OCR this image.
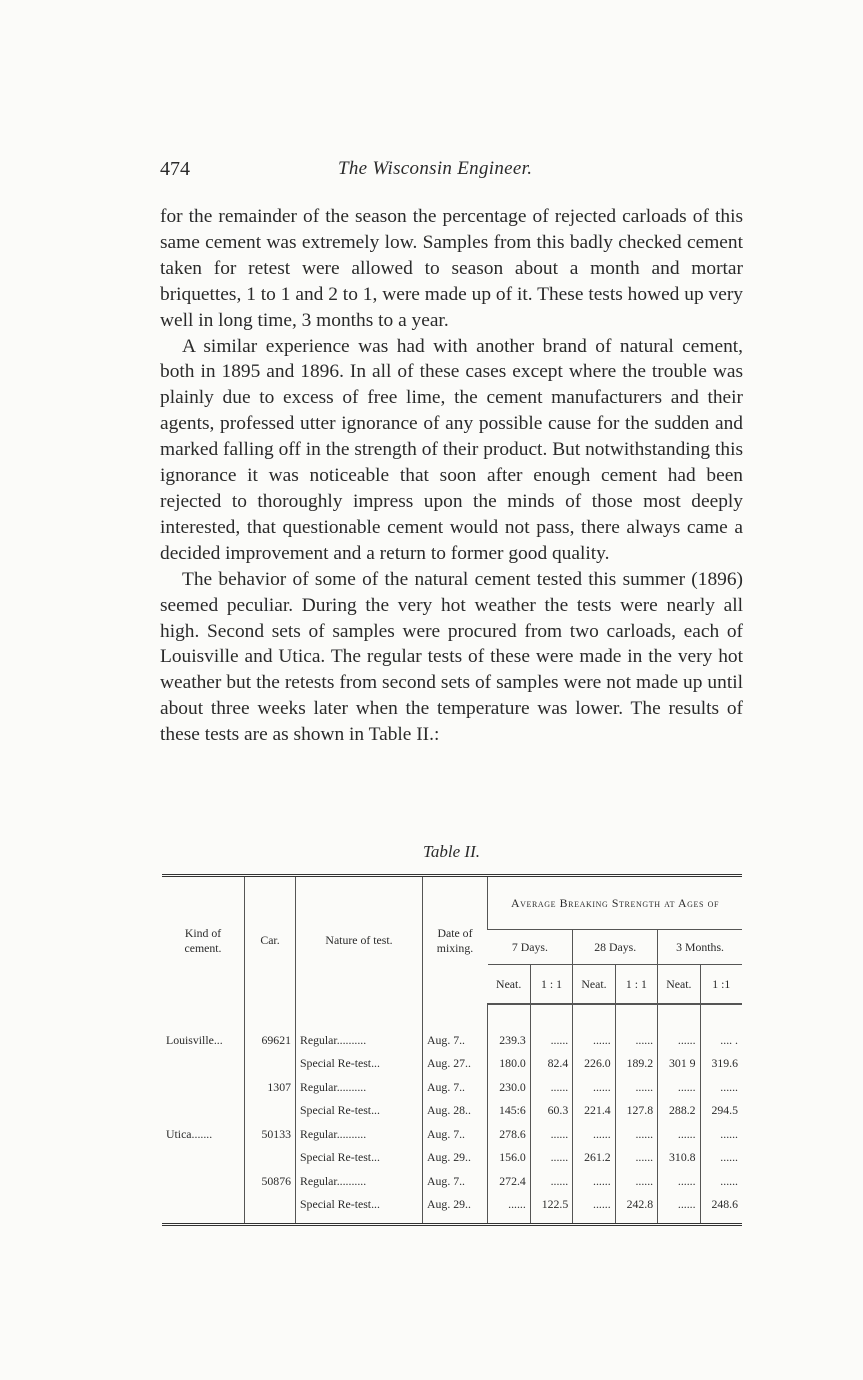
474	The Wisconsin Engineer.

for the remainder of the season the percentage of rejected carloads of this same cement was extremely low. Samples from this badly checked cement taken for retest were allowed to season about a month and mortar briquettes, 1 to 1 and 2 to 1, were made up of it. These tests howed up very well in long time, 3 months to a year.

A similar experience was had with another brand of natural cement, both in 1895 and 1896. In all of these cases except where the trouble was plainly due to excess of free lime, the cement manufacturers and their agents, professed utter ignorance of any possible cause for the sudden and marked falling off in the strength of their product. But notwithstanding this ignorance it was noticeable that soon after enough cement had been rejected to thoroughly impress upon the minds of those most deeply interested, that questionable cement would not pass, there always came a decided improvement and a return to former good quality.

The behavior of some of the natural cement tested this summer (1896) seemed peculiar. During the very hot weather the tests were nearly all high. Second sets of samples were procured from two carloads, each of Louisville and Utica. The regular tests of these were made in the very hot weather but the retests from second sets of samples were not made up until about three weeks later when the temperature was lower. The results of these tests are as shown in Table II.:

Table II.
Kind of cement.	Car.	Nature of test.	Date of mixing.	Average Breaking Strength at Ages of					
				7 Days.		28 Days.		3 Months.	
				Neat.	1 : 1	Neat.	1 : 1	Neat.	1 :1

Louisville...	69621	Regular..........	Aug. 7..	239.3	......	......	......	......	.... .
		Special Re-test...	Aug. 27..	180.0	82.4	226.0	189.2	301 9	319.6
	1307	Regular..........	Aug. 7..	230.0	......	......	......	......	......
		Special Re-test...	Aug. 28..	145:6	60.3	221.4	127.8	288.2	294.5
Utica.......	50133	Regular..........	Aug. 7..	278.6	......	......	......	......	......
		Special Re-test...	Aug. 29..	156.0	......	261.2	......	310.8	......
	50876	Regular..........	Aug. 7..	272.4	......	......	......	......	......
		Special Re-test...	Aug. 29..	......	122.5	......	242.8	......	248.6
